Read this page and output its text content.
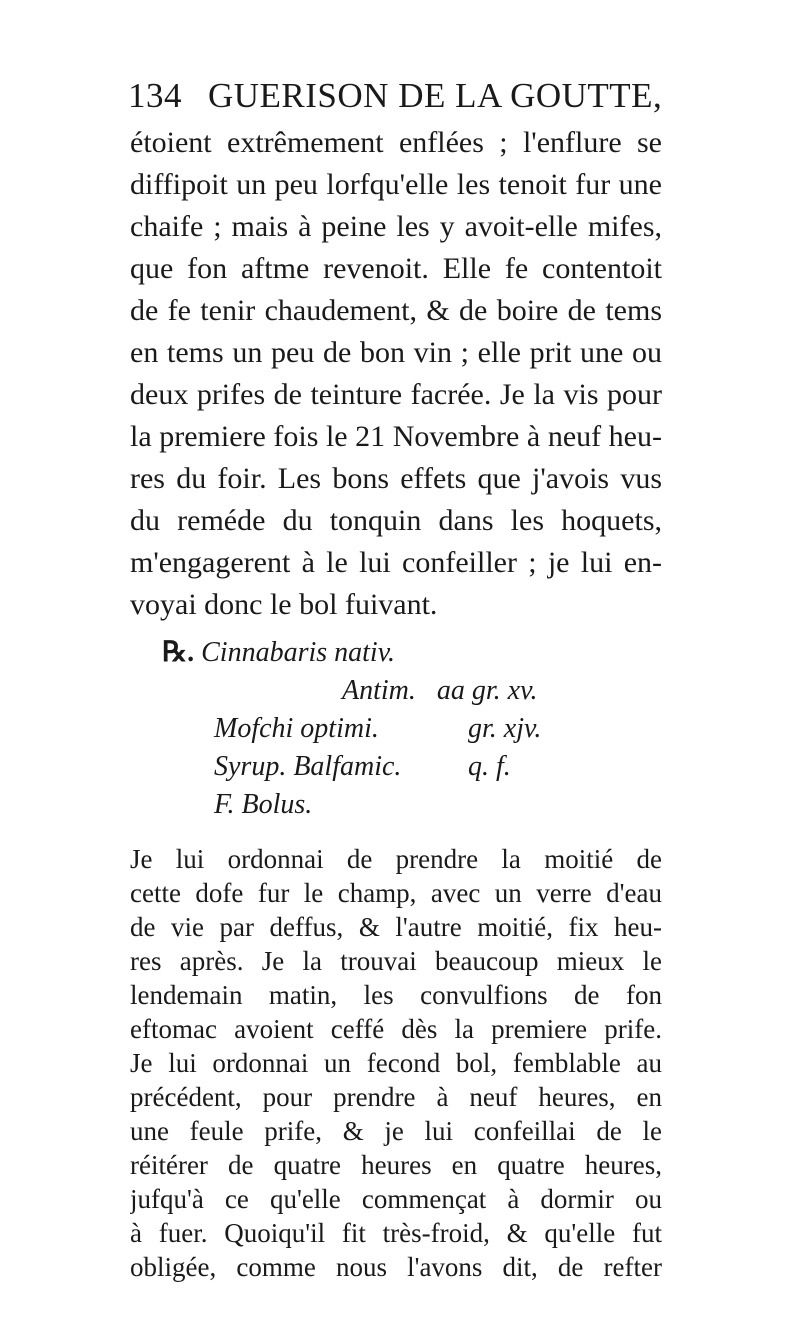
134 GUERISON DE LA GOUTTE,
étoient extrêmement enflées ; l'enflure se
diffipoit un peu lorfqu'elle les tenoit fur une
chaife ; mais à peine les y avoit-elle mifes,
que fon aftme revenoit. Elle fe contentoit
de fe tenir chaudement, & de boire de tems
en tems un peu de bon vin ; elle prit une ou
deux prifes de teinture facrée. Je la vis pour
la premiere fois le 21 Novembre à neuf heu-
res du foir. Les bons effets que j'avois vus
du reméde du tonquin dans les hoquets,
m'engagerent à le lui confeiller ; je lui en-
voyai donc le bol fuivant.
℞. Cinnabaris nativ.
Antim. aa gr. xv.
Mofchi optimi.	gr. xjv.
Syrup. Balfamic. q. f.
F. Bolus.
Je lui ordonnai de prendre la moitié de
cette dofe fur le champ, avec un verre d'eau
de vie par deffus, & l'autre moitié, fix heu-
res après. Je la trouvai beaucoup mieux le
lendemain matin, les convulfions de fon
eftomac avoient ceffé dès la premiere prife.
Je lui ordonnai un fecond bol, femblable au
précédent, pour prendre à neuf heures, en
une feule prife, & je lui confeillai de le
réitérer de quatre heures en quatre heures,
jufqu'à ce qu'elle commençat à dormir ou
à fuer. Quoiqu'il fit très-froid, & qu'elle fut
obligée, comme nous l'avons dit, de refter
